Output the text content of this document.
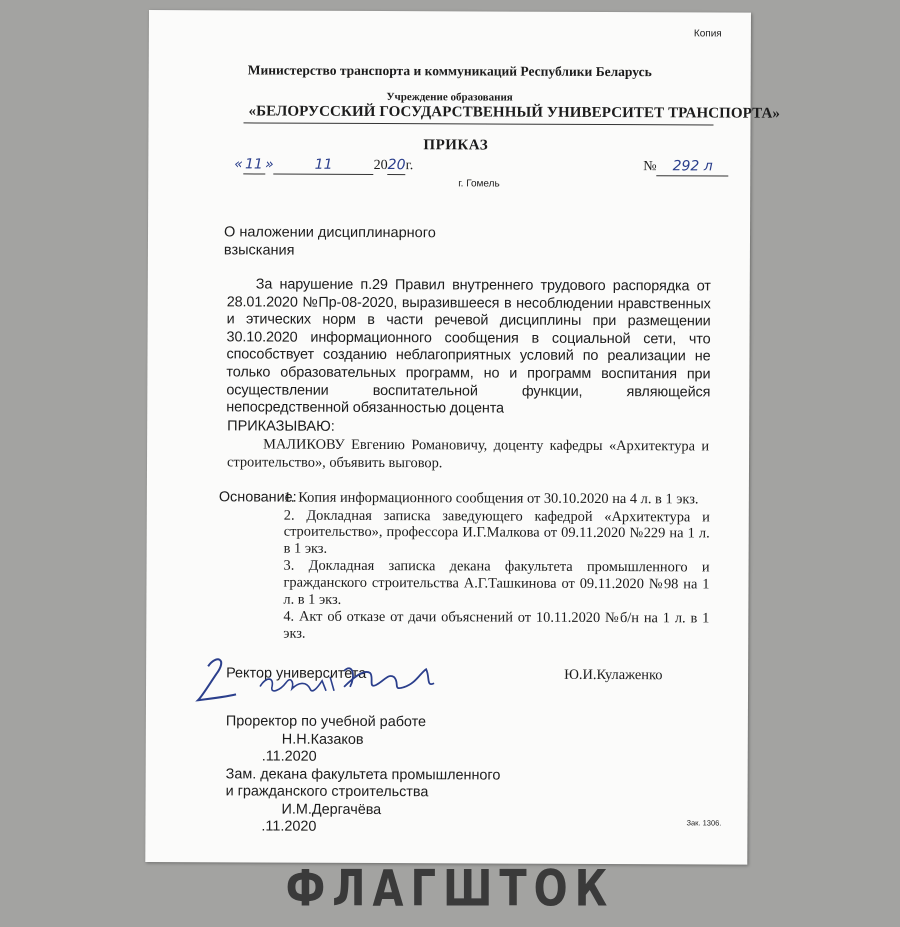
Копия
Министерство транспорта и коммуникаций Республики Беларусь
Учреждение образования
«БЕЛОРУССКИЙ ГОСУДАРСТВЕННЫЙ УНИВЕРСИТЕТ ТРАНСПОРТА»
ПРИКАЗ
« 11 »	11	2020г.	№ 292 л
г. Гомель
О наложении дисциплинарного взыскания
За нарушение п.29 Правил внутреннего трудового распорядка от 28.01.2020 №Пр-08-2020, выразившееся в несоблюдении нравственных и этических норм в части речевой дисциплины при размещении 30.10.2020 информационного сообщения в социальной сети, что способствует созданию неблагоприятных условий по реализации не только образовательных программ, но и программ воспитания при осуществлении воспитательной функции, являющейся непосредственной обязанностью доцента
ПРИКАЗЫВАЮ:
МАЛИКОВУ Евгению Романовичу, доценту кафедры «Архитектура и строительство», объявить выговор.
Основание:
1. Копия информационного сообщения от 30.10.2020 на 4 л. в 1 экз.
2. Докладная записка заведующего кафедрой «Архитектура и строительство», профессора И.Г.Малкова от 09.11.2020 №229 на 1 л. в 1 экз.
3. Докладная записка декана факультета промышленного и гражданского строительства А.Г.Ташкинова от 09.11.2020 №98 на 1 л. в 1 экз.
4. Акт об отказе от дачи объяснений от 10.11.2020 №б/н на 1 л. в 1 экз.
Ректор университета	Ю.И.Кулаженко
Проректор по учебной работе
Н.Н.Казаков
.11.2020
Зам. декана факультета промышленного
и гражданского строительства
И.М.Дергачёва
.11.2020	Зак. 1306.
ФЛАГШТОК
